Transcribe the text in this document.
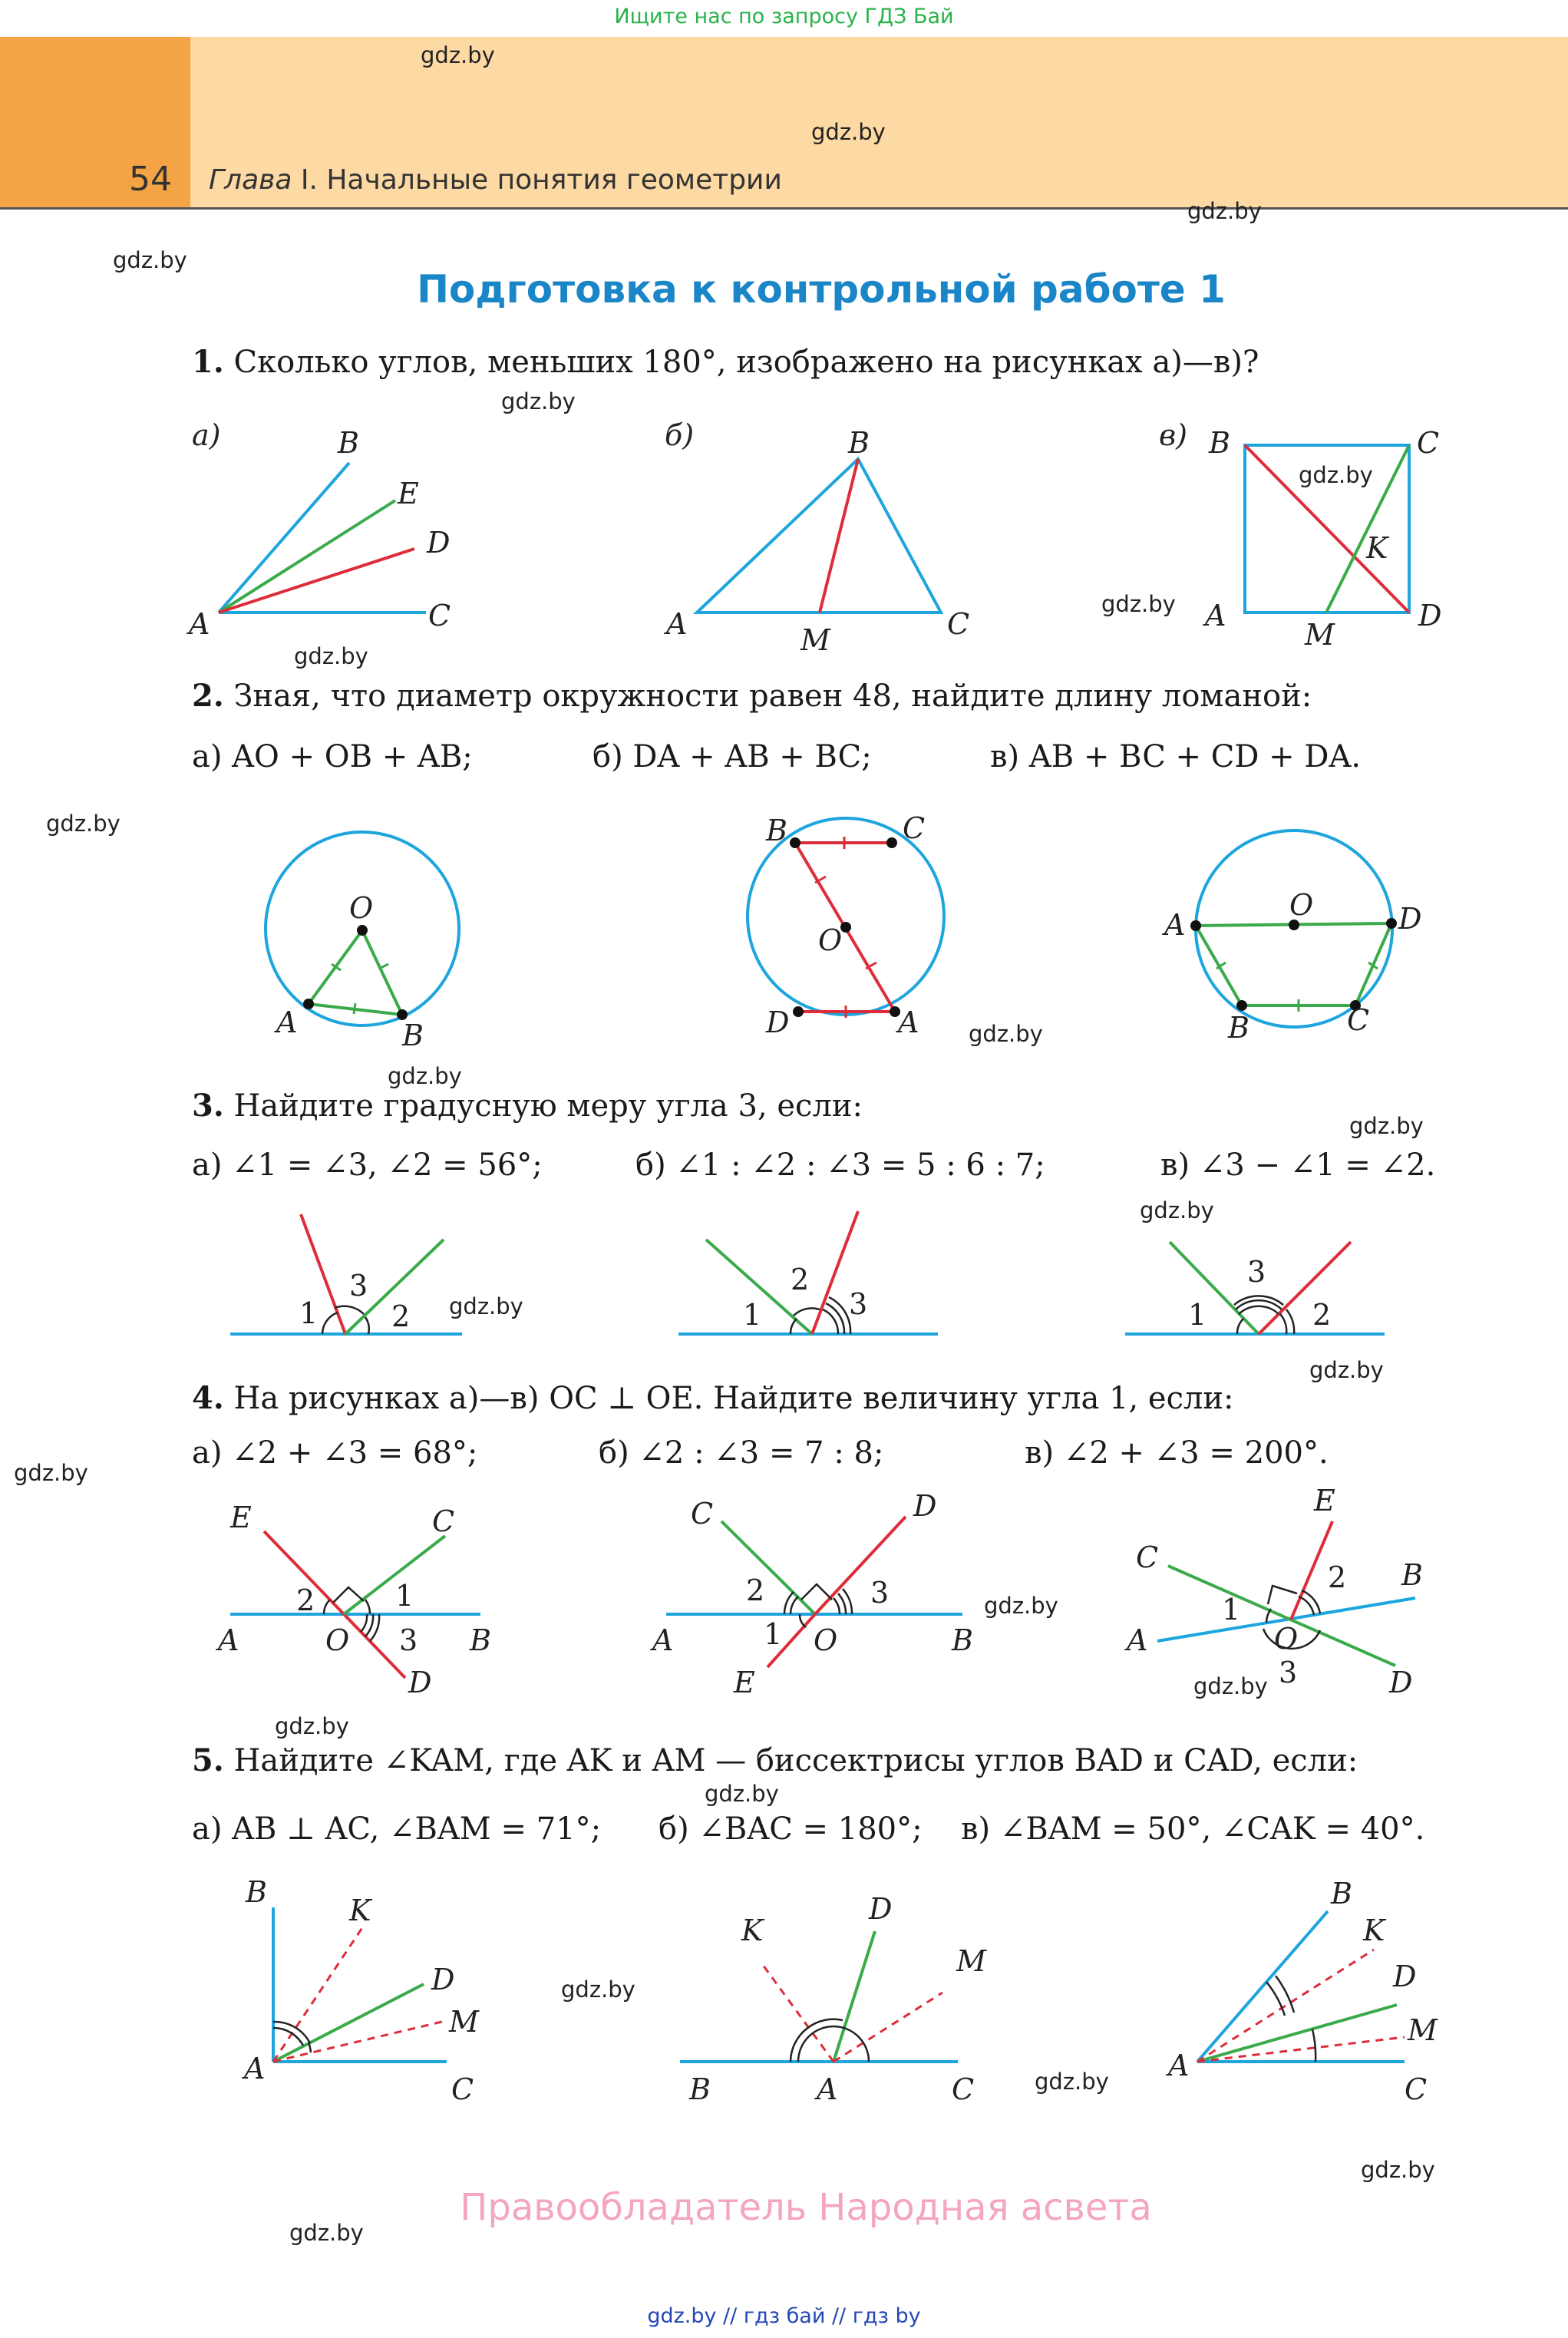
Ищите нас по запросу ГДЗ Бай
54 Глава I. Начальные понятия геометрии
gdz.by
gdz.by
gdz.by
gdz.by
gdz.by
gdz.by
gdz.by
gdz.by
gdz.by
gdz.by
gdz.by
gdz.by
gdz.by
gdz.by
gdz.by
gdz.by
gdz.by
gdz.by
gdz.by
gdz.by
gdz.by
gdz.by
gdz.by
gdz.by
Подготовка к контрольной работе 1
1. Сколько углов, меньших 180°, изображено на рисунках а)—в)?
а)	B
E
D
A	C
б)	B
A	M	C
в) B	C
K
A
M
D
O
A	B
B	C
O
D	A
O
A	D
B	C
3
1	2
2
1	3
3
1	2
E	C
2	1
A	O 3 B
D
C	D
2	3
A	1 O	B
E
E
C
2 B
1
A	O
3	D
B
K
D
M
A
C
D
K
M
B	A	C
B
K
D
M
A
C
2. Зная, что диаметр окружности равен 48, найдите длину ломаной:
а) AO + OB + AB;	б) DA + AB + BC;	в) AB + BC + CD + DA.
3. Найдите градусную меру угла 3, если:
а) ∠1 = ∠3, ∠2 = 56°;	б) ∠1 : ∠2 : ∠3 = 5 : 6 : 7;	в) ∠3 − ∠1 = ∠2.
4. На рисунках а)—в) OC ⊥ OE. Найдите величину угла 1, если:
а) ∠2 + ∠3 = 68°;	б) ∠2 : ∠3 = 7 : 8;	в) ∠2 + ∠3 = 200°.
5. Найдите ∠KAM, где AK и AM — биссектрисы углов BAD и CAD, если:
а) AB ⊥ AC, ∠BAM = 71°; б) ∠BAC = 180°; в) ∠BAM = 50°, ∠CAK = 40°.
Правообладатель Народная асвета
gdz.by // гдз бай // гдз by
